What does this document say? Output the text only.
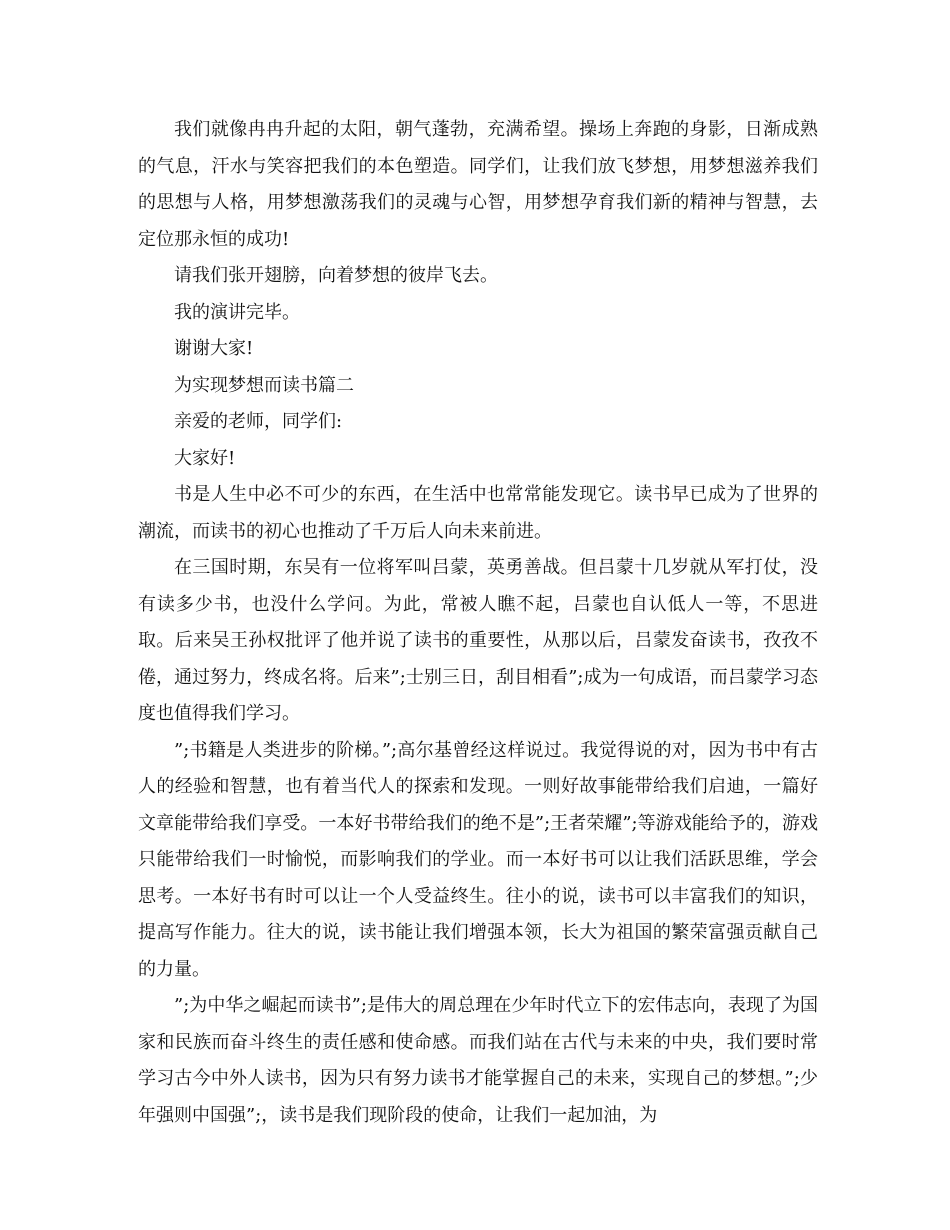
我们就像冉冉升起的太阳，朝气蓬勃，充满希望。操场上奔跑的身影，日渐成熟的气息，汗水与笑容把我们的本色塑造。同学们，让我们放飞梦想，用梦想滋养我们的思想与人格，用梦想激荡我们的灵魂与心智，用梦想孕育我们新的精神与智慧，去定位那永恒的成功!

请我们张开翅膀，向着梦想的彼岸飞去。

我的演讲完毕。

谢谢大家!

为实现梦想而读书篇二

亲爱的老师，同学们:

大家好!

书是人生中必不可少的东西，在生活中也常常能发现它。读书早已成为了世界的潮流，而读书的初心也推动了千万后人向未来前进。

在三国时期，东吴有一位将军叫吕蒙，英勇善战。但吕蒙十几岁就从军打仗，没有读多少书，也没什么学问。为此，常被人瞧不起，吕蒙也自认低人一等，不思进取。后来吴王孙权批评了他并说了读书的重要性，从那以后，吕蒙发奋读书，孜孜不倦，通过努力，终成名将。后来”;士别三日，刮目相看”;成为一句成语，而吕蒙学习态度也值得我们学习。

”;书籍是人类进步的阶梯。”;高尔基曾经这样说过。我觉得说的对，因为书中有古人的经验和智慧，也有着当代人的探索和发现。一则好故事能带给我们启迪，一篇好文章能带给我们享受。一本好书带给我们的绝不是”;王者荣耀”;等游戏能给予的，游戏只能带给我们一时愉悦，而影响我们的学业。而一本好书可以让我们活跃思维，学会思考。一本好书有时可以让一个人受益终生。往小的说，读书可以丰富我们的知识，提高写作能力。往大的说，读书能让我们增强本领，长大为祖国的繁荣富强贡献自己的力量。

”;为中华之崛起而读书”;是伟大的周总理在少年时代立下的宏伟志向，表现了为国家和民族而奋斗终生的责任感和使命感。而我们站在古代与未来的中央，我们要时常学习古今中外人读书，因为只有努力读书才能掌握自己的未来，实现自己的梦想。”;少年强则中国强”;，读书是我们现阶段的使命，让我们一起加油，为
